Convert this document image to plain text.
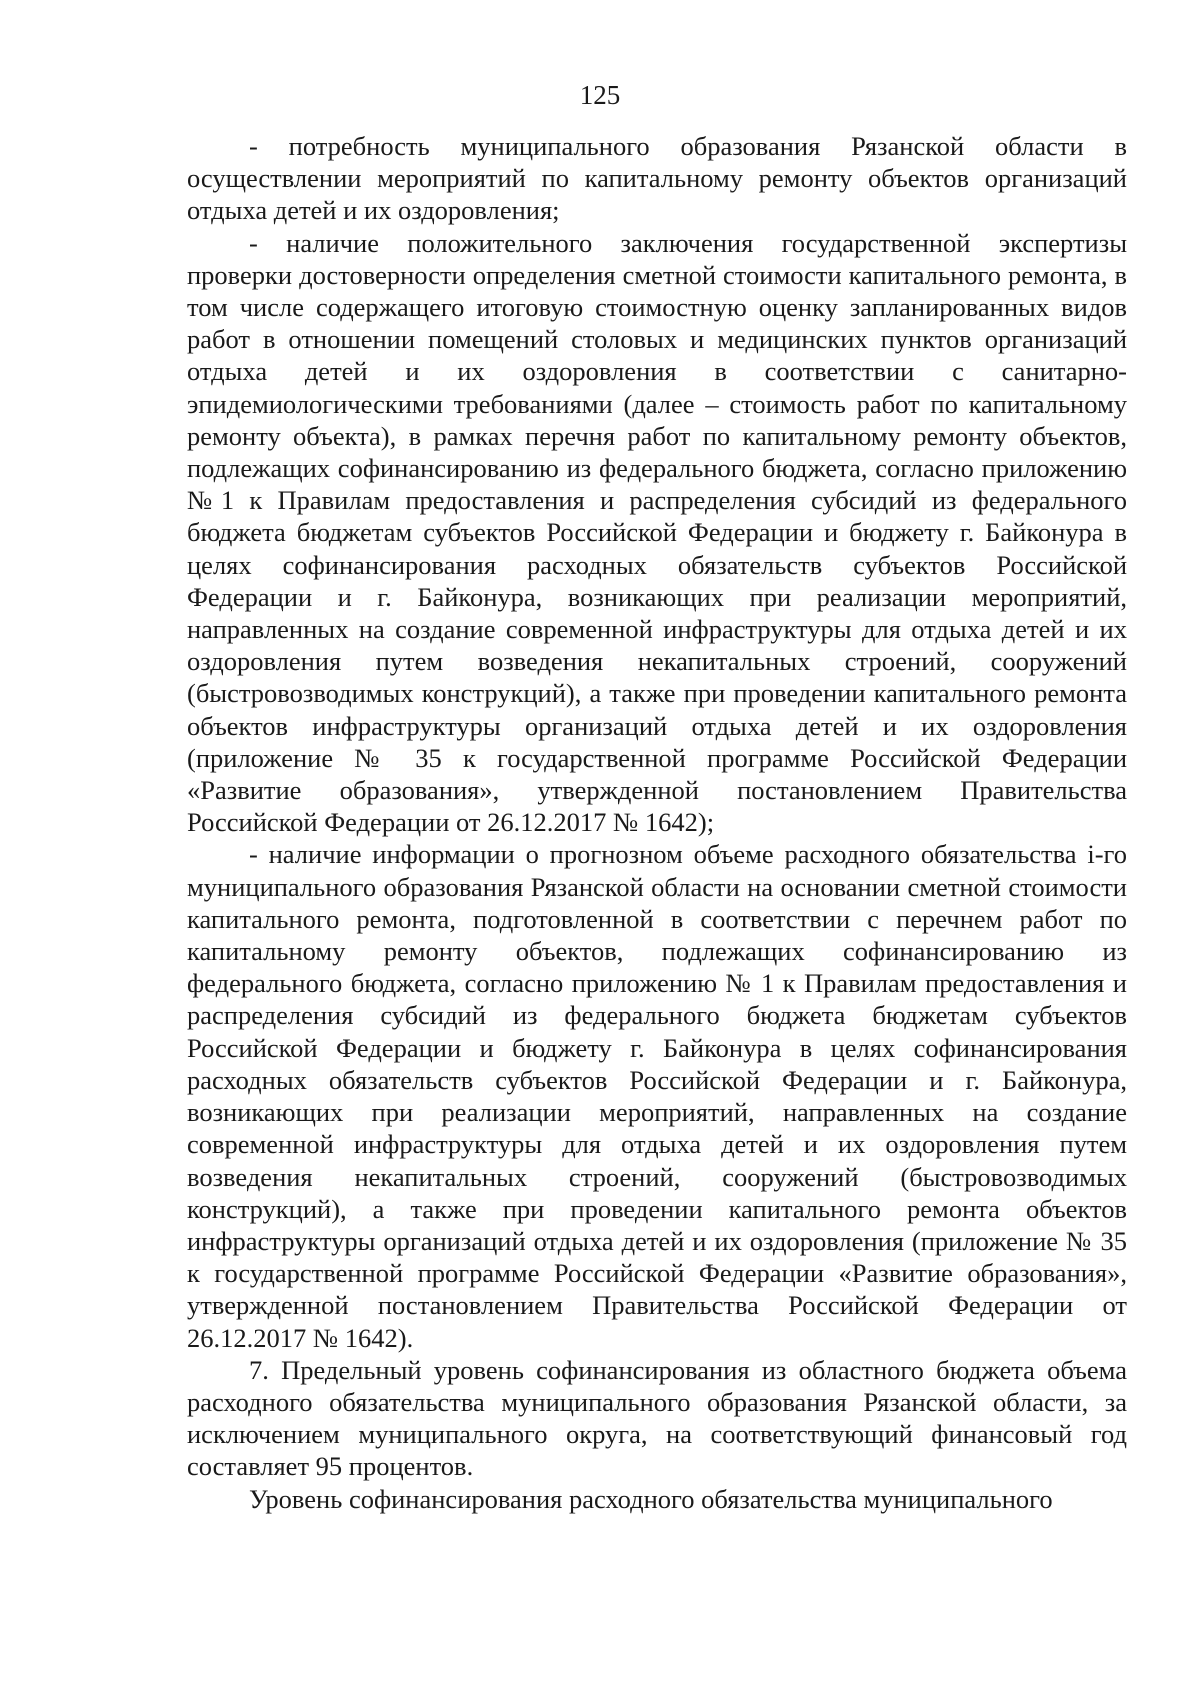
125

- потребность муниципального образования Рязанской области в осуществлении мероприятий по капитальному ремонту объектов организаций отдыха детей и их оздоровления;

- наличие положительного заключения государственной экспертизы проверки достоверности определения сметной стоимости капитального ремонта, в том числе содержащего итоговую стоимостную оценку запланированных видов работ в отношении помещений столовых и медицинских пунктов организаций отдыха детей и их оздоровления в соответствии с санитарно-эпидемиологическими требованиями (далее – стоимость работ по капитальному ремонту объекта), в рамках перечня работ по капитальному ремонту объектов, подлежащих софинансированию из федерального бюджета, согласно приложению №1 к Правилам предоставления и распределения субсидий из федерального бюджета бюджетам субъектов Российской Федерации и бюджету г. Байконура в целях софинансирования расходных обязательств субъектов Российской Федерации и г. Байконура, возникающих при реализации мероприятий, направленных на создание современной инфраструктуры для отдыха детей и их оздоровления путем возведения некапитальных строений, сооружений (быстровозводимых конструкций), а также при проведении капитального ремонта объектов инфраструктуры организаций отдыха детей и их оздоровления (приложение № 35 к государственной программе Российской Федерации «Развитие образования», утвержденной постановлением Правительства Российской Федерации от 26.12.2017 № 1642);

- наличие информации о прогнозном объеме расходного обязательства i-го муниципального образования Рязанской области на основании сметной стоимости капитального ремонта, подготовленной в соответствии с перечнем работ по капитальному ремонту объектов, подлежащих софинансированию из федерального бюджета, согласно приложению № 1 к Правилам предоставления и распределения субсидий из федерального бюджета бюджетам субъектов Российской Федерации и бюджету г. Байконура в целях софинансирования расходных обязательств субъектов Российской Федерации и г. Байконура, возникающих при реализации мероприятий, направленных на создание современной инфраструктуры для отдыха детей и их оздоровления путем возведения некапитальных строений, сооружений (быстровозводимых конструкций), а также при проведении капитального ремонта объектов инфраструктуры организаций отдыха детей и их оздоровления (приложение № 35 к государственной программе Российской Федерации «Развитие образования», утвержденной постановлением Правительства Российской Федерации от 26.12.2017 № 1642).

7. Предельный уровень софинансирования из областного бюджета объема расходного обязательства муниципального образования Рязанской области, за исключением муниципального округа, на соответствующий финансовый год составляет 95 процентов.

Уровень софинансирования расходного обязательства муниципального
